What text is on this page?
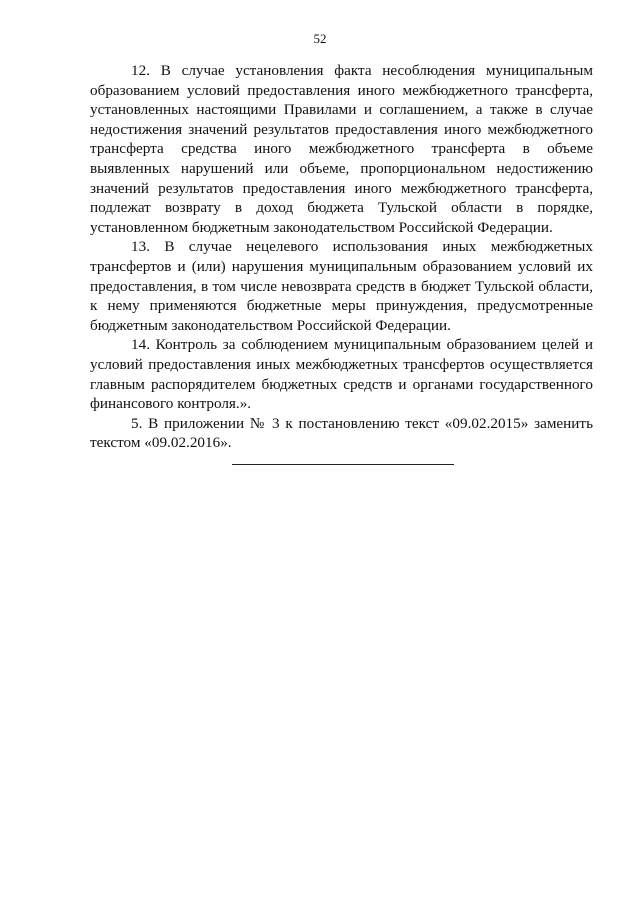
52

12. В случае установления факта несоблюдения муниципальным образованием условий предоставления иного межбюджетного трансферта, установленных настоящими Правилами и соглашением, а также в случае недостижения значений результатов предоставления иного межбюджетного трансферта средства иного межбюджетного трансферта в объеме выявленных нарушений или объеме, пропорциональном недостижению значений результатов предоставления иного межбюджетного трансферта, подлежат возврату в доход бюджета Тульской области в порядке, установленном бюджетным законодательством Российской Федерации.

13. В случае нецелевого использования иных межбюджетных трансфертов и (или) нарушения муниципальным образованием условий их предоставления, в том числе невозврата средств в бюджет Тульской области, к нему применяются бюджетные меры принуждения, предусмотренные бюджетным законодательством Российской Федерации.

14. Контроль за соблюдением муниципальным образованием целей и условий предоставления иных межбюджетных трансфертов осуществляется главным распорядителем бюджетных средств и органами государственного финансового контроля.».

5. В приложении № 3 к постановлению текст «09.02.2015» заменить текстом «09.02.2016».
